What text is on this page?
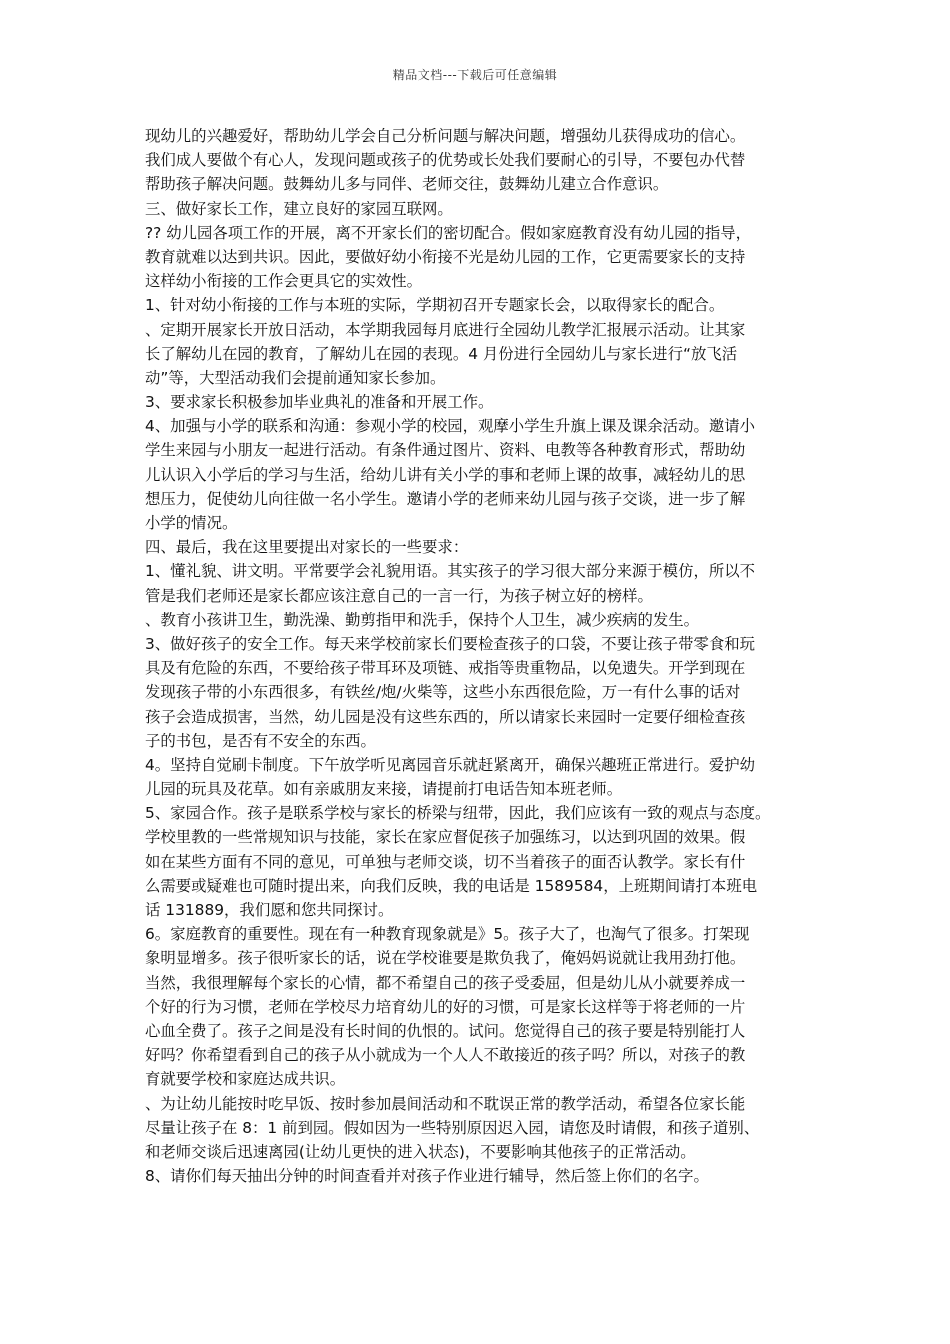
精品文档---下载后可任意编辑

现幼儿的兴趣爱好，帮助幼儿学会自己分析问题与解决问题，增强幼儿获得成功的信心。

我们成人要做个有心人，发现问题或孩子的优势或长处我们要耐心的引导，不要包办代替

帮助孩子解决问题。鼓舞幼儿多与同伴、老师交往，鼓舞幼儿建立合作意识。

三、做好家长工作，建立良好的家园互联网。

?? 幼儿园各项工作的开展，离不开家长们的密切配合。假如家庭教育没有幼儿园的指导，

教育就难以达到共识。因此，要做好幼小衔接不光是幼儿园的工作，它更需要家长的支持

这样幼小衔接的工作会更具它的实效性。

1、针对幼小衔接的工作与本班的实际，学期初召开专题家长会，以取得家长的配合。

、定期开展家长开放日活动，本学期我园每月底进行全园幼儿教学汇报展示活动。让其家

长了解幼儿在园的教育，了解幼儿在园的表现。4 月份进行全园幼儿与家长进行“放飞活

动”等，大型活动我们会提前通知家长参加。

3、要求家长积极参加毕业典礼的准备和开展工作。

4、加强与小学的联系和沟通：参观小学的校园，观摩小学生升旗上课及课余活动。邀请小

学生来园与小朋友一起进行活动。有条件通过图片、资料、电教等各种教育形式，帮助幼

儿认识入小学后的学习与生活，给幼儿讲有关小学的事和老师上课的故事，减轻幼儿的思

想压力，促使幼儿向往做一名小学生。邀请小学的老师来幼儿园与孩子交谈，进一步了解

小学的情况。

四、最后，我在这里要提出对家长的一些要求：

1、懂礼貌、讲文明。平常要学会礼貌用语。其实孩子的学习很大部分来源于模仿，所以不

管是我们老师还是家长都应该注意自己的一言一行，为孩子树立好的榜样。

、教育小孩讲卫生，勤洗澡、勤剪指甲和洗手，保持个人卫生，减少疾病的发生。

3、做好孩子的安全工作。每天来学校前家长们要检查孩子的口袋，不要让孩子带零食和玩

具及有危险的东西，不要给孩子带耳环及项链、戒指等贵重物品，以免遗失。开学到现在

发现孩子带的小东西很多，有铁丝/炮/火柴等，这些小东西很危险，万一有什么事的话对

孩子会造成损害，当然，幼儿园是没有这些东西的，所以请家长来园时一定要仔细检查孩

子的书包，是否有不安全的东西。

4。坚持自觉刷卡制度。下午放学听见离园音乐就赶紧离开，确保兴趣班正常进行。爱护幼

儿园的玩具及花草。如有亲戚朋友来接，请提前打电话告知本班老师。

5、家园合作。孩子是联系学校与家长的桥梁与纽带，因此，我们应该有一致的观点与态度。

学校里教的一些常规知识与技能，家长在家应督促孩子加强练习，以达到巩固的效果。假

如在某些方面有不同的意见，可单独与老师交谈，切不当着孩子的面否认教学。家长有什

么需要或疑难也可随时提出来，向我们反映，我的电话是 1589584，上班期间请打本班电

话 131889，我们愿和您共同探讨。

6。家庭教育的重要性。现在有一种教育现象就是》5。孩子大了，也淘气了很多。打架现

象明显增多。孩子很听家长的话，说在学校谁要是欺负我了，俺妈妈说就让我用劲打他。

当然，我很理解每个家长的心情，都不希望自己的孩子受委屈，但是幼儿从小就要养成一

个好的行为习惯，老师在学校尽力培育幼儿的好的习惯，可是家长这样等于将老师的一片

心血全费了。孩子之间是没有长时间的仇恨的。试问。您觉得自己的孩子要是特别能打人

好吗？你希望看到自己的孩子从小就成为一个人人不敢接近的孩子吗？所以，对孩子的教

育就要学校和家庭达成共识。

、为让幼儿能按时吃早饭、按时参加晨间活动和不耽误正常的教学活动，希望各位家长能

尽量让孩子在 8：1 前到园。假如因为一些特别原因迟入园，请您及时请假，和孩子道别、

和老师交谈后迅速离园(让幼儿更快的进入状态)，不要影响其他孩子的正常活动。

8、请你们每天抽出分钟的时间查看并对孩子作业进行辅导，然后签上你们的名字。
